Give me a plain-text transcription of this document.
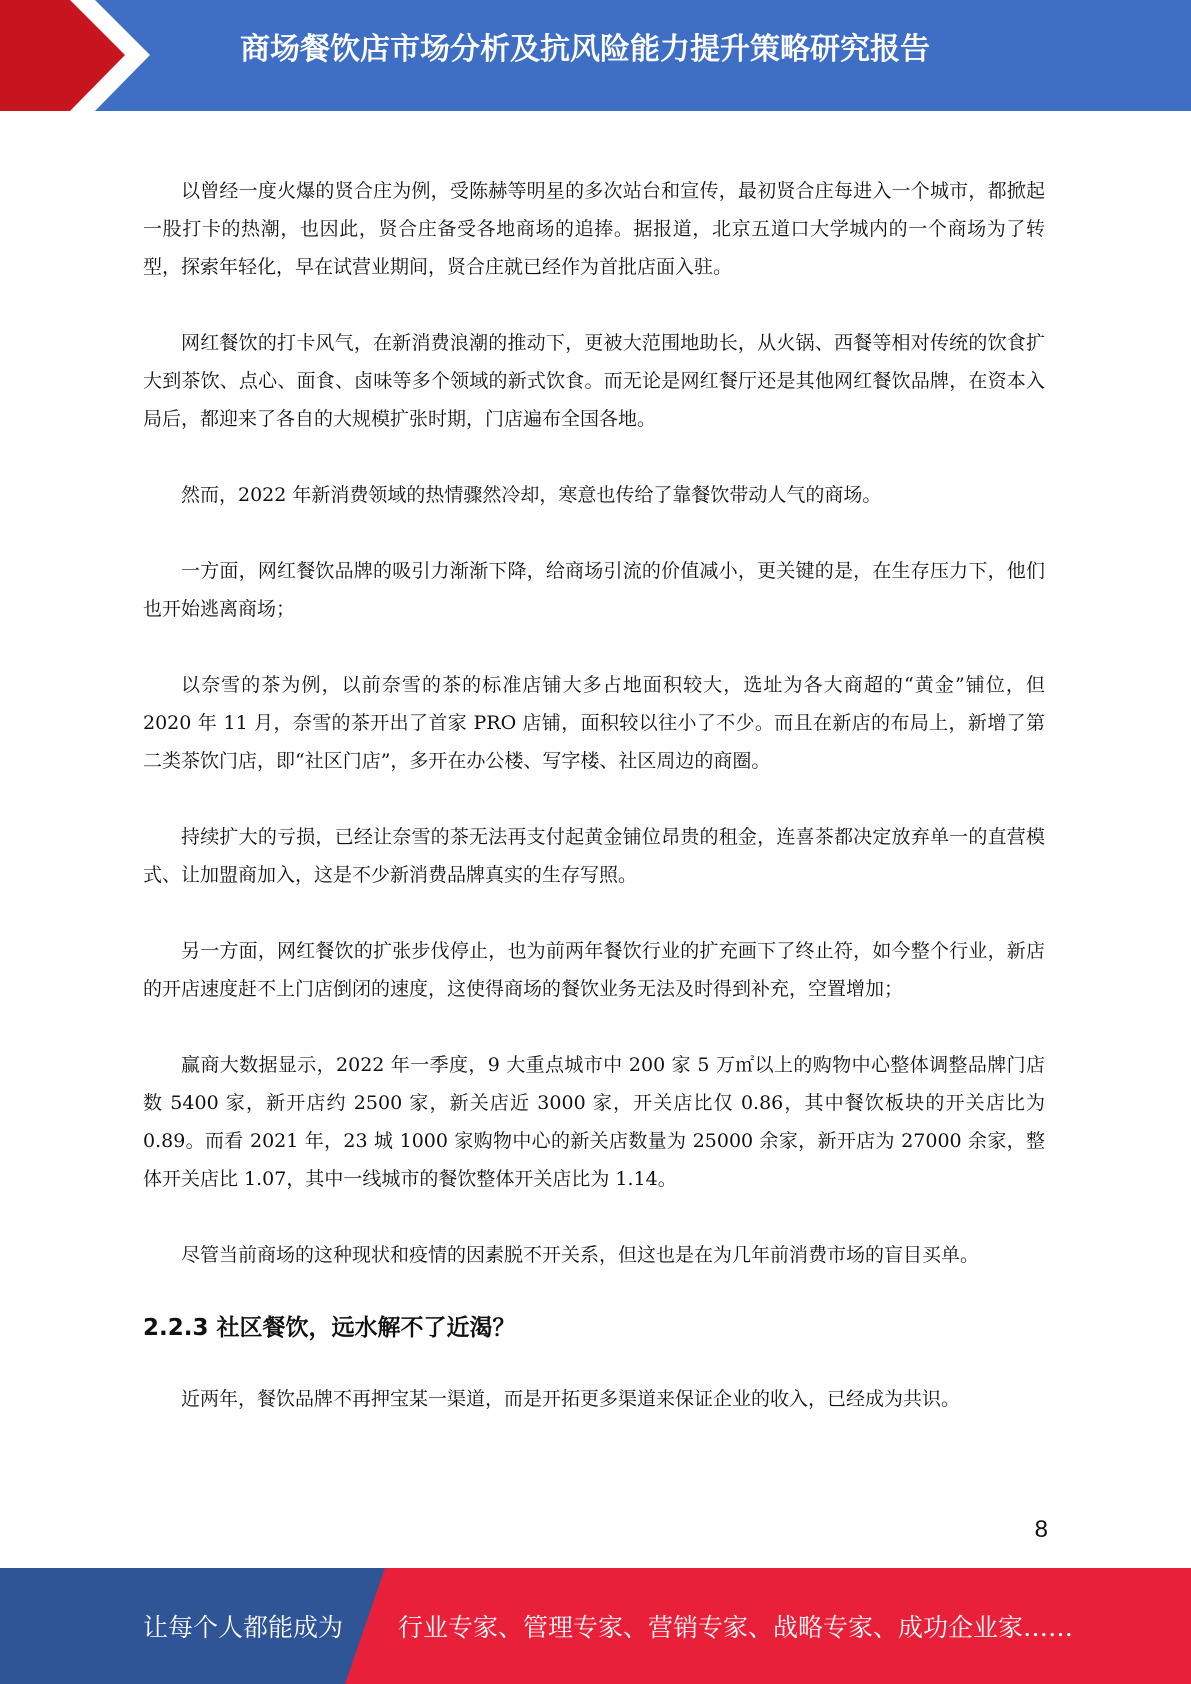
商场餐饮店市场分析及抗风险能力提升策略研究报告

以曾经一度火爆的贤合庄为例，受陈赫等明星的多次站台和宣传，最初贤合庄每进入一个城市，都掀起一股打卡的热潮，也因此，贤合庄备受各地商场的追捧。据报道，北京五道口大学城内的一个商场为了转型，探索年轻化，早在试营业期间，贤合庄就已经作为首批店面入驻。

网红餐饮的打卡风气，在新消费浪潮的推动下，更被大范围地助长，从火锅、西餐等相对传统的饮食扩大到茶饮、点心、面食、卤味等多个领域的新式饮食。而无论是网红餐厅还是其他网红餐饮品牌，在资本入局后，都迎来了各自的大规模扩张时期，门店遍布全国各地。

然而，2022 年新消费领域的热情骤然冷却，寒意也传给了靠餐饮带动人气的商场。

一方面，网红餐饮品牌的吸引力渐渐下降，给商场引流的价值减小，更关键的是，在生存压力下，他们也开始逃离商场；

以奈雪的茶为例，以前奈雪的茶的标准店铺大多占地面积较大，选址为各大商超的“黄金”铺位，但 2020 年 11 月，奈雪的茶开出了首家 PRO 店铺，面积较以往小了不少。而且在新店的布局上，新增了第二类茶饮门店，即“社区门店”，多开在办公楼、写字楼、社区周边的商圈。

持续扩大的亏损，已经让奈雪的茶无法再支付起黄金铺位昂贵的租金，连喜茶都决定放弃单一的直营模式、让加盟商加入，这是不少新消费品牌真实的生存写照。

另一方面，网红餐饮的扩张步伐停止，也为前两年餐饮行业的扩充画下了终止符，如今整个行业，新店的开店速度赶不上门店倒闭的速度，这使得商场的餐饮业务无法及时得到补充，空置增加；

赢商大数据显示，2022 年一季度，9 大重点城市中 200 家 5 万㎡以上的购物中心整体调整品牌门店数 5400 家，新开店约 2500 家，新关店近 3000 家，开关店比仅 0.86，其中餐饮板块的开关店比为 0.89。而看 2021 年，23 城 1000 家购物中心的新关店数量为 25000 余家，新开店为 27000 余家，整体开关店比 1.07，其中一线城市的餐饮整体开关店比为 1.14。

尽管当前商场的这种现状和疫情的因素脱不开关系，但这也是在为几年前消费市场的盲目买单。

2.2.3 社区餐饮，远水解不了近渴？

近两年，餐饮品牌不再押宝某一渠道，而是开拓更多渠道来保证企业的收入，已经成为共识。

8
让每个人都能成为 行业专家、管理专家、营销专家、战略专家、成功企业家……
